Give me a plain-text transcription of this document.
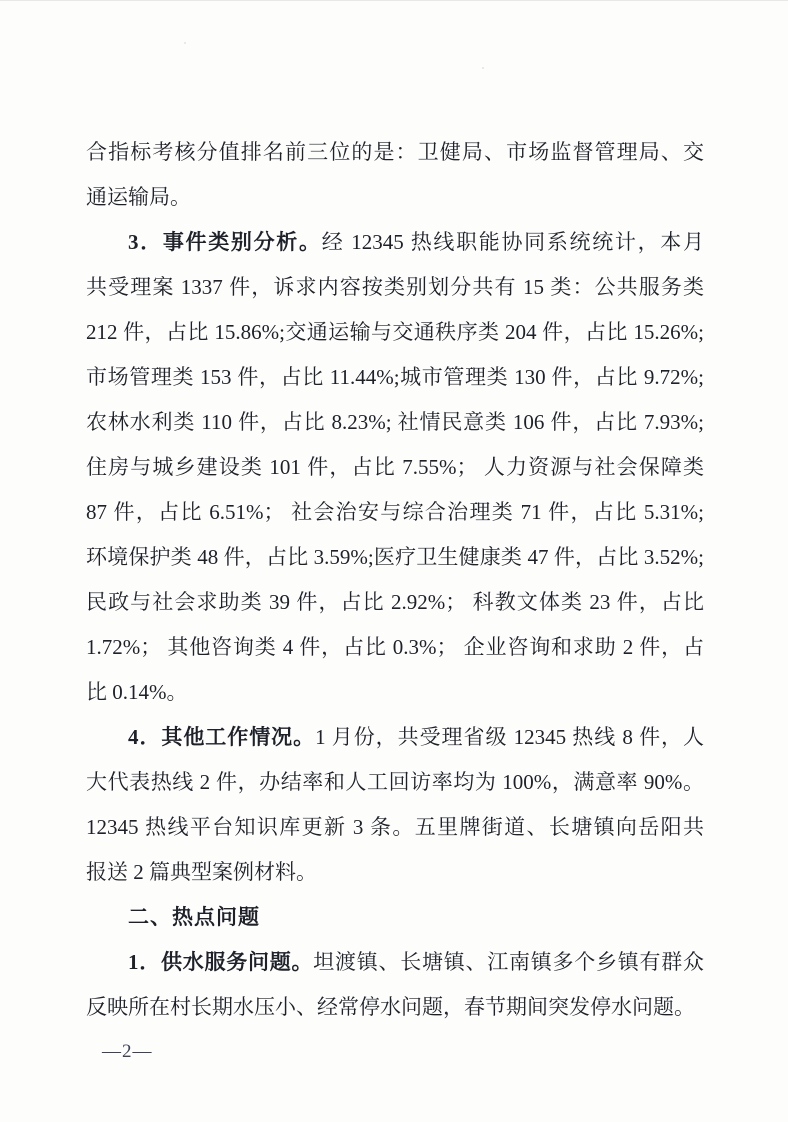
合指标考核分值排名前三位的是：卫健局、市场监督管理局、交
通运输局。
3．事件类别分析。经 12345 热线职能协同系统统计，本月
共受理案 1337 件，诉求内容按类别划分共有 15 类：公共服务类
212 件，占比 15.86%;交通运输与交通秩序类 204 件，占比 15.26%;
市场管理类 153 件，占比 11.44%;城市管理类 130 件，占比 9.72%;
农林水利类 110 件，占比 8.23%; 社情民意类 106 件，占比 7.93%;
住房与城乡建设类 101 件，占比 7.55%； 人力资源与社会保障类
87 件，占比 6.51%； 社会治安与综合治理类 71 件，占比 5.31%;
环境保护类 48 件，占比 3.59%;医疗卫生健康类 47 件，占比 3.52%;
民政与社会求助类 39 件，占比 2.92%； 科教文体类 23 件，占比
1.72%； 其他咨询类 4 件，占比 0.3%； 企业咨询和求助 2 件，占
比 0.14%。
4．其他工作情况。1 月份，共受理省级 12345 热线 8 件，人
大代表热线 2 件，办结率和人工回访率均为 100%，满意率 90%。
12345 热线平台知识库更新 3 条。五里牌街道、长塘镇向岳阳共
报送 2 篇典型案例材料。
二、热点问题
1．供水服务问题。坦渡镇、长塘镇、江南镇多个乡镇有群众
反映所在村长期水压小、经常停水问题，春节期间突发停水问题。
—2—
